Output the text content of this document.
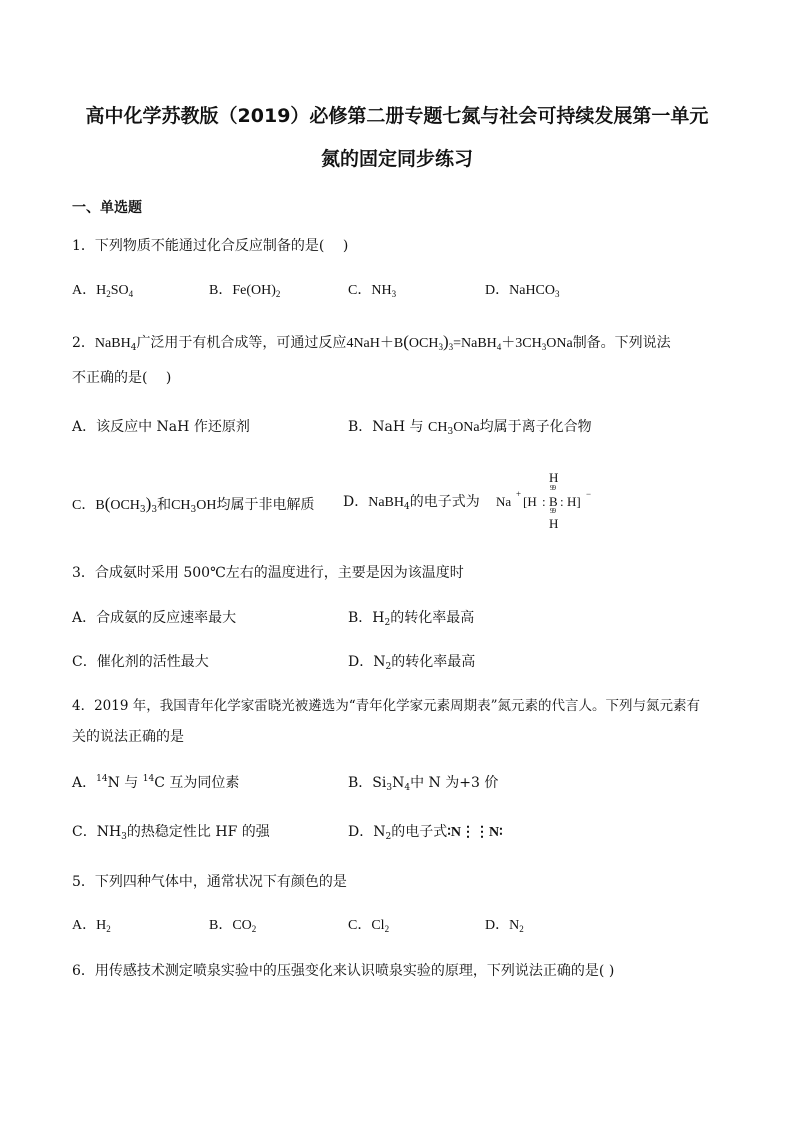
高中化学苏教版（2019）必修第二册专题七氮与社会可持续发展第一单元
氮的固定同步练习
一、单选题
1．下列物质不能通过化合反应制备的是(　 )
A．$H_2SO_4$	B．$Fe(OH)_2$	C．$NH_3$	D．NaHCO$_3$
2．NaBH$_4$广泛用于有机合成等，可通过反应$4NaH+B(OCH_3)_3=NaBH_4+3CH_3ONa$制备。下列说法
不正确的是(　 )
A．该反应中 NaH 作还原剂	B．NaH 与 $CH_3ONa$均属于离子化合物
C．$B(OCH_3)_3$和$CH_3OH$均属于非电解质 D．NaBH$_4$的电子式为 Na + [H :
H
99
B
99
H
: H] −
3．合成氨时采用 500℃左右的温度进行，主要是因为该温度时
A．合成氨的反应速率最大	B．$H_2$的转化率最高
C．催化剂的活性最大	D．$N_2$的转化率最高
4．2019 年，我国青年化学家雷晓光被遴选为“青年化学家元素周期表”氮元素的代言人。下列与氮元素有
关的说法正确的是
A．$^{14}$N 与 $^{14}$C 互为同位素	B．$Si_3N_4$中 N 为+3 价
C．$NH_3$的热稳定性比 HF 的强	D．$N_2$的电子式∶N⋮⋮N∶
5．下列四种气体中，通常状况下有颜色的是
A．$H_2$	B．$CO_2$	C．$Cl_2$	D．$N_2$
6．用传感技术测定喷泉实验中的压强变化来认识喷泉实验的原理，下列说法正确的是( )
